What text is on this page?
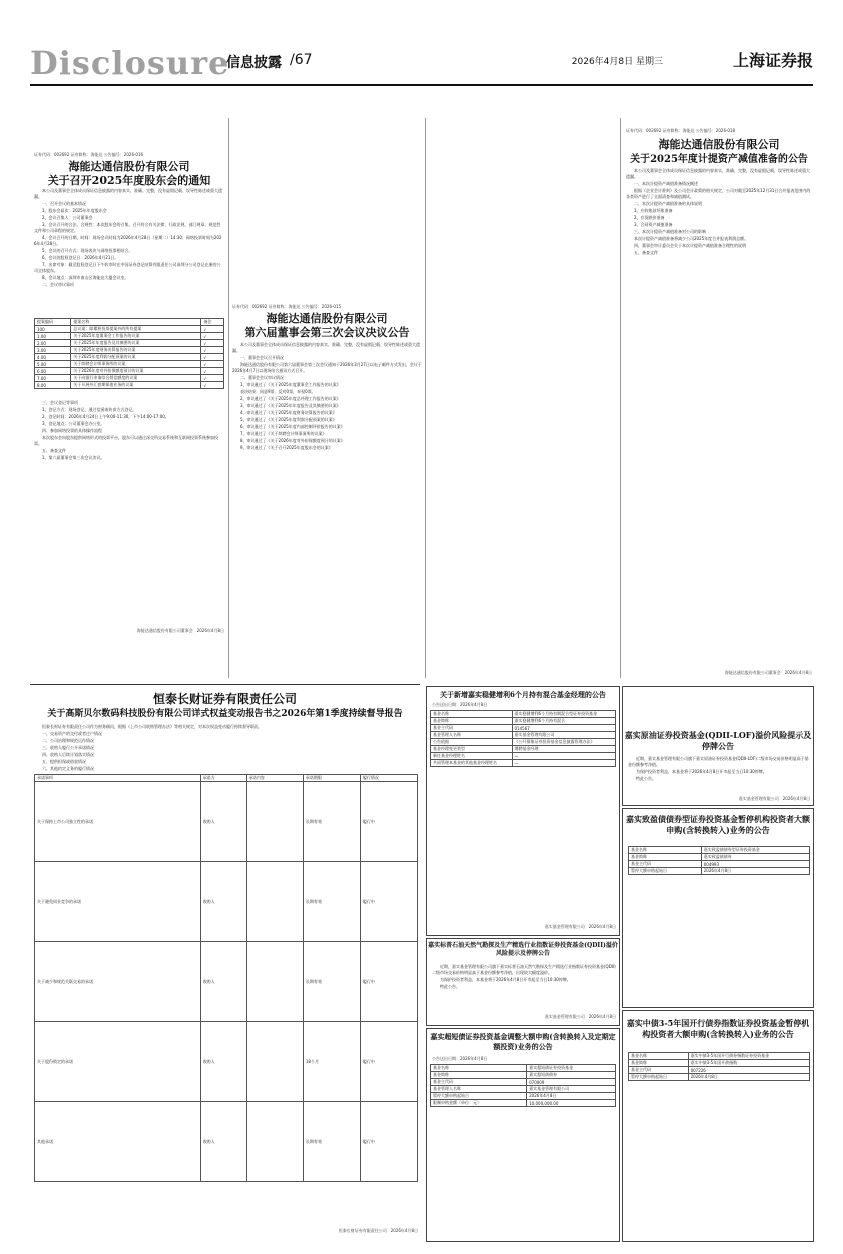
Disclosure
信息披露 /67	2026年4月8日 星期三	上海证券报
证券代码：002692 证券简称：海能达 公告编号：2026-016
海能达通信股份有限公司
关于召开2025年度股东会的通知

本公司及董事会全体成员保证信息披露的内容真实、准确、完整，没有虚假记载、误导性陈述或重大遗漏。

一、召开会议的基本情况

1、股东会届次：2025年年度股东会

2、会议召集人：公司董事会

3、会议召开的合法、合规性：本次股东会的召集、召开符合有关法律、行政法规、部门规章、规范性文件和公司章程的规定。

4、会议召开的日期、时间：现场会议时间为2026年4月28日（星期二）14:30；网络投票时间为2026年4月28日。

5、会议的召开方式：现场表决与网络投票相结合。

6、会议的股权登记日：2026年4月21日。

7、出席对象：截至股权登记日下午收市时在中国证券登记结算有限责任公司深圳分公司登记在册的公司全体股东。

8、会议地点：深圳市南山区海能达大厦会议室。

二、会议审议事项

提案编码	提案名称	备注
100	总议案：除累积投票提案外的所有提案	√
1.00	关于2025年度董事会工作报告的议案	√
2.00	关于2025年年度报告及其摘要的议案	√
3.00	关于2025年度财务决算报告的议案	√
4.00	关于2025年度利润分配预案的议案	√
5.00	关于续聘会计师事务所的议案	√
6.00	关于2026年度对外担保额度预计的议案	√
7.00	关于向银行申请综合授信额度的议案	√
8.00	关于开展外汇套期保值业务的议案	√

三、会议登记等事项

1、登记方式：现场登记、通过信函或传真方式登记。

2、登记时间：2026年4月24日上午9:00-11:30，下午14:00-17:00。

3、登记地点：公司董事会办公室。

四、参加网络投票的具体操作流程

本次股东会向股东提供网络形式的投票平台，股东可以通过深交所交易系统和互联网投票系统参加投票。

五、备查文件

1、第六届董事会第三次会议决议。

海能达通信股份有限公司董事会　2026年4月8日
证券代码：002692 证券简称：海能达 公告编号：2026-015
海能达通信股份有限公司
第六届董事会第三次会议决议公告

本公司及董事会全体成员保证信息披露的内容真实、准确、完整，没有虚假记载、误导性陈述或重大遗漏。

一、董事会会议召开情况

海能达通信股份有限公司第六届董事会第三次会议通知于2026年3月27日以电子邮件方式发出，会议于2026年4月7日以现场结合通讯方式召开。

二、董事会会议审议情况

1、审议通过了《关于2025年度董事会工作报告的议案》

表决结果：同意9票，反对0票，弃权0票。

2、审议通过了《关于2025年度总经理工作报告的议案》

3、审议通过了《关于2025年年度报告及其摘要的议案》

4、审议通过了《关于2025年度财务决算报告的议案》

5、审议通过了《关于2025年度利润分配预案的议案》

6、审议通过了《关于2025年度内部控制评价报告的议案》

7、审议通过了《关于续聘会计师事务所的议案》

8、审议通过了《关于2026年度对外担保额度预计的议案》

9、审议通过了《关于召开2025年度股东会的议案》

证券代码：002692 证券简称：海能达 公告编号：2026-018
海能达通信股份有限公司
关于2025年度计提资产减值准备的公告

本公司及董事会全体成员保证信息披露的内容真实、准确、完整，没有虚假记载、误导性陈述或重大遗漏。

一、本次计提资产减值准备情况概述

根据《企业会计准则》及公司会计政策的相关规定，公司对截至2025年12月31日合并报表范围内的各类资产进行了全面清查和减值测试。

二、本次计提资产减值准备的具体说明

1、应收账款坏账准备

2、存货跌价准备

3、合同资产减值准备

三、本次计提资产减值准备对公司的影响

本次计提资产减值准备将减少公司2025年度合并报表利润总额。

四、董事会审计委员会关于本次计提资产减值准备合理性的说明

五、备查文件

海能达通信股份有限公司董事会　2026年4月8日
恒泰长财证券有限责任公司
关于高斯贝尔数码科技股份有限公司详式权益变动报告书之2026年第1季度持续督导报告

恒泰长财证券有限责任公司作为财务顾问，根据《上市公司收购管理办法》等相关规定，对本次权益变动履行持续督导职责。

一、交易资产的交付或者过户情况

二、公司治理和规范运作情况

三、收购人履行公开承诺情况

四、收购人后续计划落实情况

五、提供担保或借款情况

六、其他约定义务的履行情况

承诺事项	承诺方	承诺内容	承诺期限	履行情况
关于保持上市公司独立性的承诺	收购人		长期有效	履行中
关于避免同业竞争的承诺	收购人		长期有效	履行中
关于减少和规范关联交易的承诺	收购人		长期有效	履行中
关于股份锁定的承诺	收购人		18个月	履行中
其他承诺	收购人		长期有效	履行中
恒泰长财证券有限责任公司　2026年4月8日
关于新增嘉实稳健增利6个月持有混合基金经理的公告
公告送出日期：2026年4月8日
基金名称	嘉实稳健增利6个月持有期混合型证券投资基金
基金简称	嘉实稳健增利6个月持有混合
基金主代码	014567
基金管理人名称	嘉实基金管理有限公司
公告依据	《公开募集证券投资基金信息披露管理办法》
基金经理变更类型	增聘基金经理
新任基金经理姓名	—
共同管理本基金的其他基金经理姓名	—
嘉实基金管理有限公司　2026年4月8日
嘉实标普石油天然气勘探及生产精选行业指数证券投资基金(QDII)溢价风险提示及停牌公告

近期，嘉实基金管理有限公司旗下嘉实标普石油天然气勘探及生产精选行业指数证券投资基金(QDII)二级市场交易价格明显高于基金份额参考净值，出现较大幅度溢价。

为保护投资者利益，本基金将于2026年4月8日开市起至当日10:30停牌。

特此公告。

嘉实基金管理有限公司　2026年4月8日
嘉实超短债证券投资基金调整大额申购(含转换转入及定期定额投资)业务的公告
公告送出日期：2026年4月8日
基金名称	嘉实超短债证券投资基金
基金简称	嘉实超短债债券
基金主代码	070009
基金管理人名称	嘉实基金管理有限公司
暂停大额申购起始日	2026年4月8日
限制申购金额（单位：元）	10,000,000.00
嘉实原油证券投资基金(QDII-LOF)溢价风险提示及停牌公告

近期，嘉实基金管理有限公司旗下嘉实原油证券投资基金(QDII-LOF)二级市场交易价格明显高于基金份额参考净值。

为保护投资者利益，本基金将于2026年4月8日开市起至当日10:30停牌。

特此公告。

嘉实基金管理有限公司　2026年4月8日
嘉实致盈债债券型证券投资基金暂停机构投资者大额申购(含转换转入)业务的公告
基金名称	嘉实致盈债债券型证券投资基金
基金简称	嘉实致盈债债券
基金主代码	004993
暂停大额申购起始日	2026年4月8日
嘉实中债3-5年国开行债券指数证券投资基金暂停机构投资者大额申购(含转换转入)业务的公告
基金名称	嘉实中债3-5年国开行债券指数证券投资基金
基金简称	嘉实中债3-5年国开债指数
基金主代码	007226
暂停大额申购起始日	2026年4月8日
